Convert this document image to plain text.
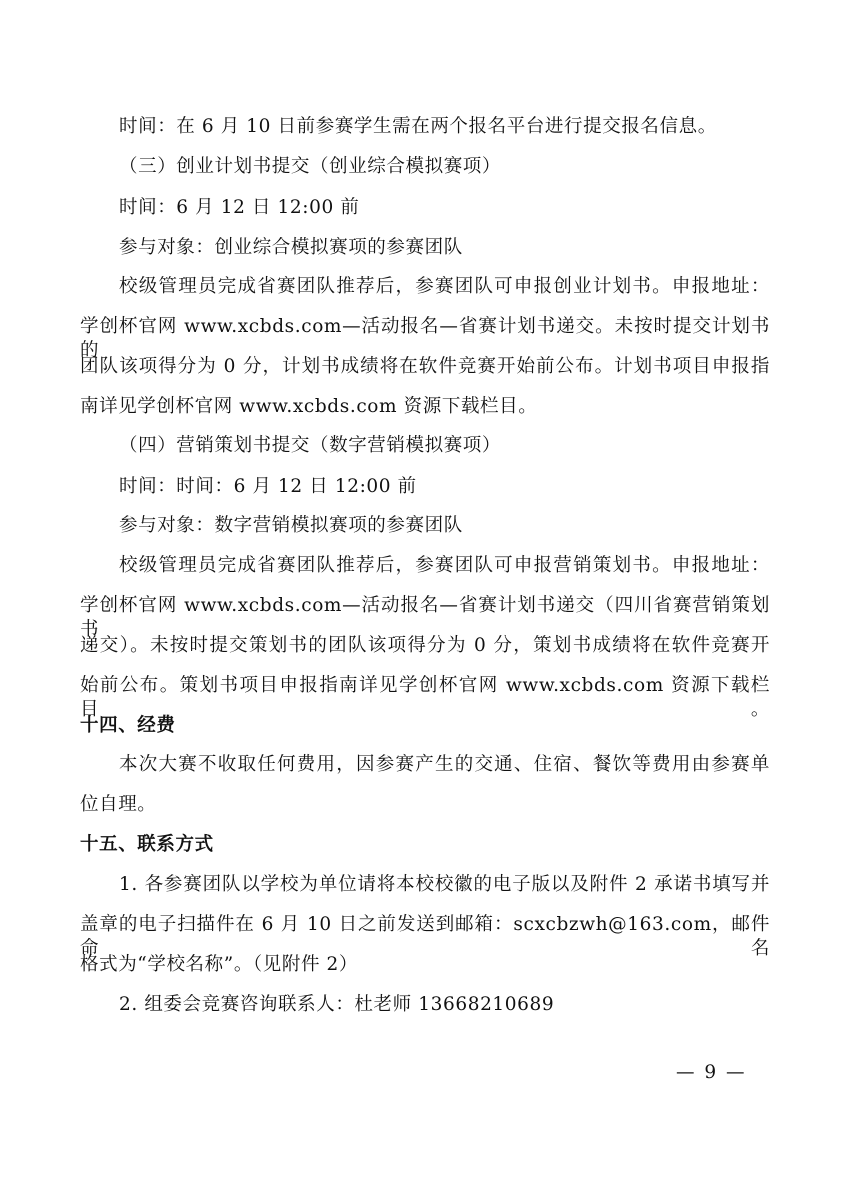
时间：在 6 月 10 日前参赛学生需在两个报名平台进行提交报名信息。
（三）创业计划书提交（创业综合模拟赛项）
时间：6 月 12 日 12:00 前
参与对象：创业综合模拟赛项的参赛团队
校级管理员完成省赛团队推荐后，参赛团队可申报创业计划书。申报地址：
学创杯官网 www.xcbds.com—活动报名—省赛计划书递交。未按时提交计划书的
团队该项得分为 0 分，计划书成绩将在软件竞赛开始前公布。计划书项目申报指
南详见学创杯官网 www.xcbds.com 资源下载栏目。
（四）营销策划书提交（数字营销模拟赛项）
时间：时间：6 月 12 日 12:00 前
参与对象：数字营销模拟赛项的参赛团队
校级管理员完成省赛团队推荐后，参赛团队可申报营销策划书。申报地址：
学创杯官网 www.xcbds.com—活动报名—省赛计划书递交（四川省赛营销策划书
递交）。未按时提交策划书的团队该项得分为 0 分，策划书成绩将在软件竞赛开
始前公布。策划书项目申报指南详见学创杯官网 www.xcbds.com 资源下载栏目。
十四、经费
本次大赛不收取任何费用，因参赛产生的交通、住宿、餐饮等费用由参赛单
位自理。
十五、联系方式
1. 各参赛团队以学校为单位请将本校校徽的电子版以及附件 2 承诺书填写并
盖章的电子扫描件在 6 月 10 日之前发送到邮箱：scxcbzwh@163.com，邮件命名
格式为“学校名称”。（见附件 2）
2. 组委会竞赛咨询联系人：杜老师 13668210689
— 9 —
